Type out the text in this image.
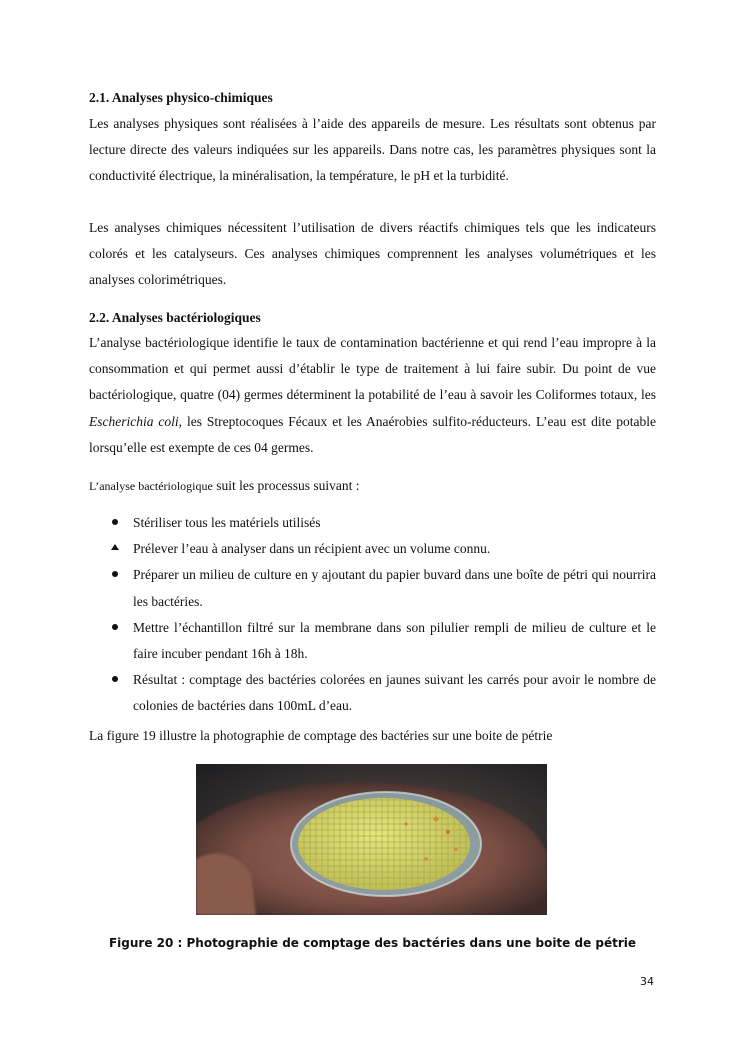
2.1. Analyses physico-chimiques
Les analyses physiques sont réalisées à l’aide des appareils de mesure. Les résultats sont obtenus par lecture directe des valeurs indiquées sur les appareils. Dans notre cas, les paramètres physiques sont la conductivité électrique, la minéralisation, la température, le pH et la turbidité.
Les analyses chimiques nécessitent l’utilisation de divers réactifs chimiques tels que les indicateurs colorés et les catalyseurs. Ces analyses chimiques comprennent les analyses volumétriques et les analyses colorimétriques.
2.2. Analyses bactériologiques
L’analyse bactériologique identifie le taux de contamination bactérienne et qui rend l’eau impropre à la consommation et qui permet aussi d’établir le type de traitement à lui faire subir. Du point de vue bactériologique, quatre (04) germes déterminent la potabilité de l’eau à savoir les Coliformes totaux, les Escherichia coli, les Streptocoques Fécaux et les Anaérobies sulfito-réducteurs. L’eau est dite potable lorsqu’elle est exempte de ces 04 germes.
L’analyse bactériologique suit les processus suivant :
Stériliser tous les matériels utilisés
Prélever l’eau à analyser dans un récipient avec un volume connu.
Préparer un milieu de culture en y ajoutant du papier buvard dans une boîte de pétri qui nourrira les bactéries.
Mettre l’échantillon filtré sur la membrane dans son pilulier rempli de milieu de culture et le faire incuber pendant 16h à 18h.
Résultat : comptage des bactéries colorées en jaunes suivant les carrés pour avoir le nombre de colonies de bactéries dans 100mL d’eau.
La figure 19 illustre la photographie de comptage des bactéries sur une boite de pétrie
Figure 20 : Photographie de comptage des bactéries dans une boite de pétrie
34
